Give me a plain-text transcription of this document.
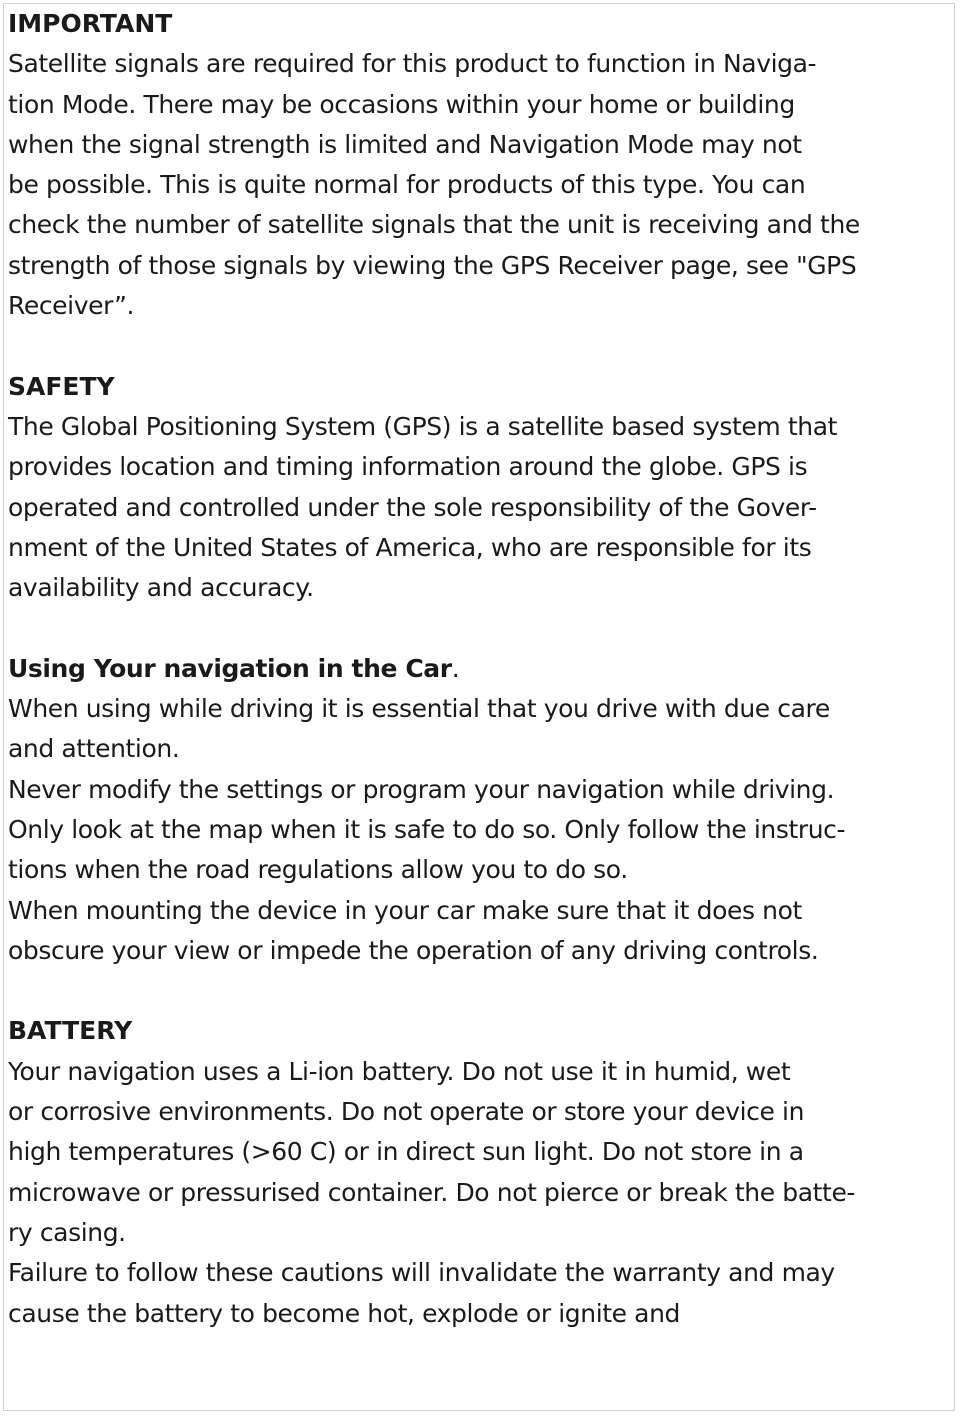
IMPORTANT
Satellite signals are required for this product to function in Naviga-
tion Mode. There may be occasions within your home or building
when the signal strength is limited and Navigation Mode may not
be possible. This is quite normal for products of this type. You can
check the number of satellite signals that the unit is receiving and the
strength of those signals by viewing the GPS Receiver page, see "GPS
Receiver”.
SAFETY
The Global Positioning System (GPS) is a satellite based system that
provides location and timing information around the globe. GPS is
operated and controlled under the sole responsibility of the Gover-
nment of the United States of America, who are responsible for its
availability and accuracy.
Using Your navigation in the Car.
When using while driving it is essential that you drive with due care
and attention.
Never modify the settings or program your navigation while driving.
Only look at the map when it is safe to do so. Only follow the instruc-
tions when the road regulations allow you to do so.
When mounting the device in your car make sure that it does not
obscure your view or impede the operation of any driving controls.
BATTERY
Your navigation uses a Li-ion battery. Do not use it in humid, wet
or corrosive environments. Do not operate or store your device in
high temperatures (>60 C) or in direct sun light. Do not store in a
microwave or pressurised container. Do not pierce or break the batte-
ry casing.
Failure to follow these cautions will invalidate the warranty and may
cause the battery to become hot, explode or ignite and
